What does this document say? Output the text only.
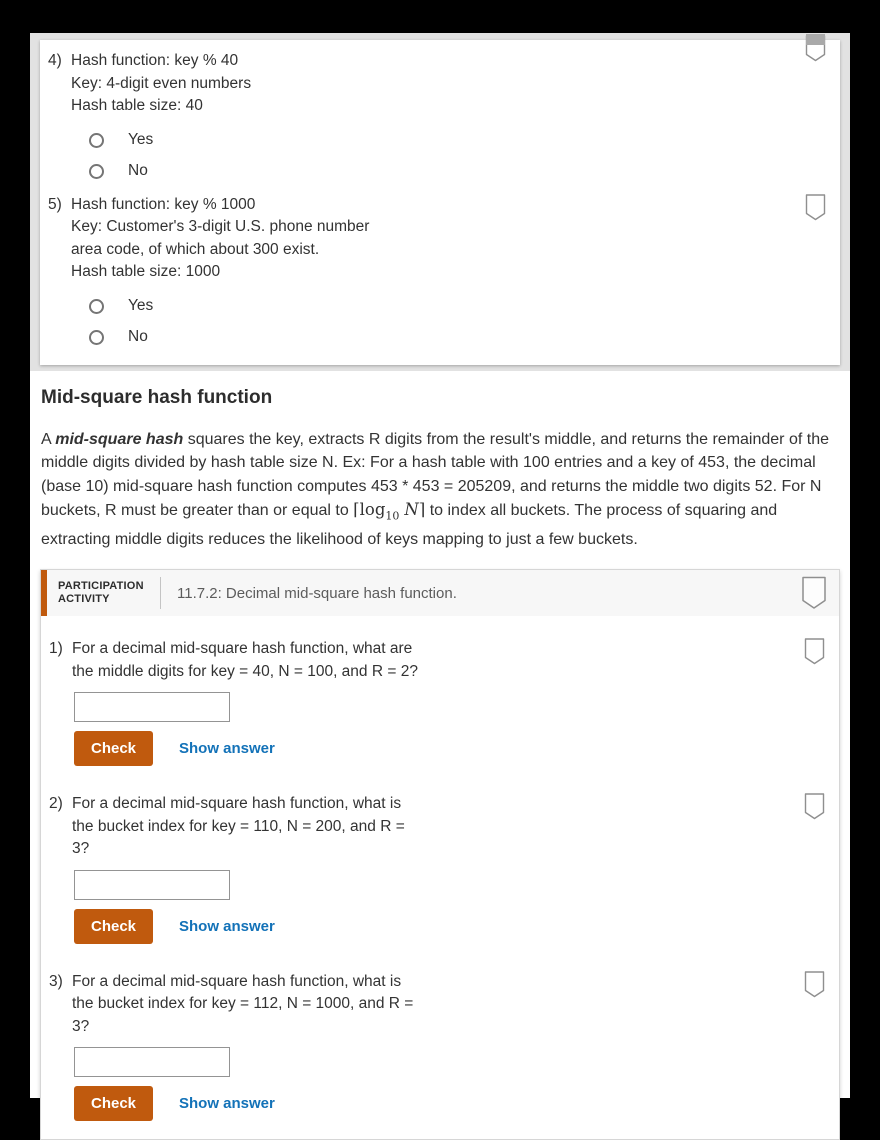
4) Hash function: key % 40
Key: 4-digit even numbers
Hash table size: 40
Yes
No
5) Hash function: key % 1000
Key: Customer's 3-digit U.S. phone number
area code, of which about 300 exist.
Hash table size: 1000
Yes
No
Mid-square hash function

A mid-square hash squares the key, extracts R digits from the result's middle, and returns the remainder of the middle digits divided by hash table size N. Ex: For a hash table with 100 entries and a key of 453, the decimal (base 10) mid-square hash function computes 453 * 453 = 205209, and returns the middle two digits 52. For N buckets, R must be greater than or equal to $⌈\log_{10}$ N⌉ to index all buckets. The process of squaring and extracting middle digits reduces the likelihood of keys mapping to just a few buckets.

PARTICIPATION
ACTIVITY	11.7.2: Decimal mid-square hash function.
1) For a decimal mid-square hash function, what are
the middle digits for key = 40, N = 100, and R = 2?
Check	Show answer
2) For a decimal mid-square hash function, what is
the bucket index for key = 110, N = 200, and R =
3?
Check	Show answer
3) For a decimal mid-square hash function, what is
the bucket index for key = 112, N = 1000, and R =
3?
Check	Show answer
